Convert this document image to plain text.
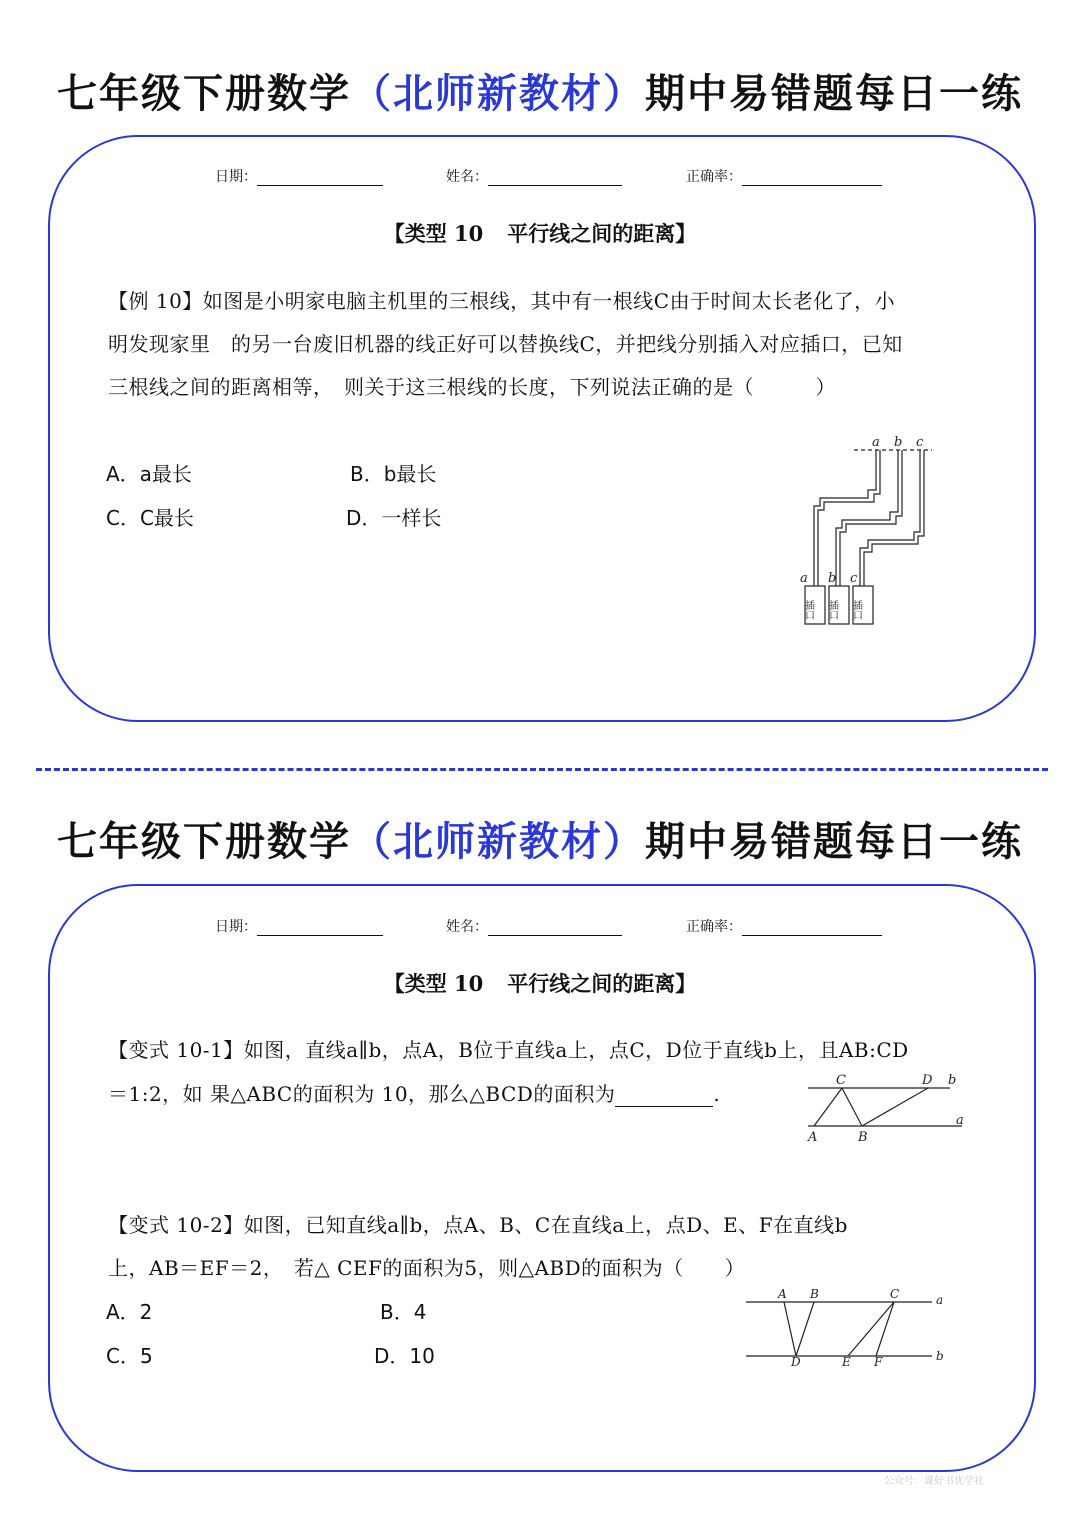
七年级下册数学（北师新教材）期中易错题每日一练
日期：	姓名：	正确率：
【类型 10 平行线之间的距离】
【例 10】如图是小明家电脑主机里的三根线，其中有一根线C由于时间太长老化了，小
明发现家里　的另一台废旧机器的线正好可以替换线C，并把线分别插入对应插口，已知
三根线之间的距离相等，　则关于这三根线的长度，下列说法正确的是（　　　）
A．a最长	B．b最长
C．C最长	D．一样长
a b c
a b c
插口 插口 插口
七年级下册数学（北师新教材）期中易错题每日一练
日期：	姓名：	正确率：
【类型 10 平行线之间的距离】
【变式 10-1】如图，直线a∥b，点A，B位于直线a上，点C，D位于直线b上，且AB:CD
＝1:2，如 果△ABC的面积为 10，那么△BCD的面积为	.
C	D b
a
A	B
【变式 10-2】如图，已知直线a∥b，点A、B、C在直线a上，点D、E、F在直线b
上，AB＝EF＝2，　若△ CEF的面积为5，则△ABD的面积为（　　）
A．2	B．4
C．5	D．10
A B	C	a
D	E F	b
公众号：课好书优学社
